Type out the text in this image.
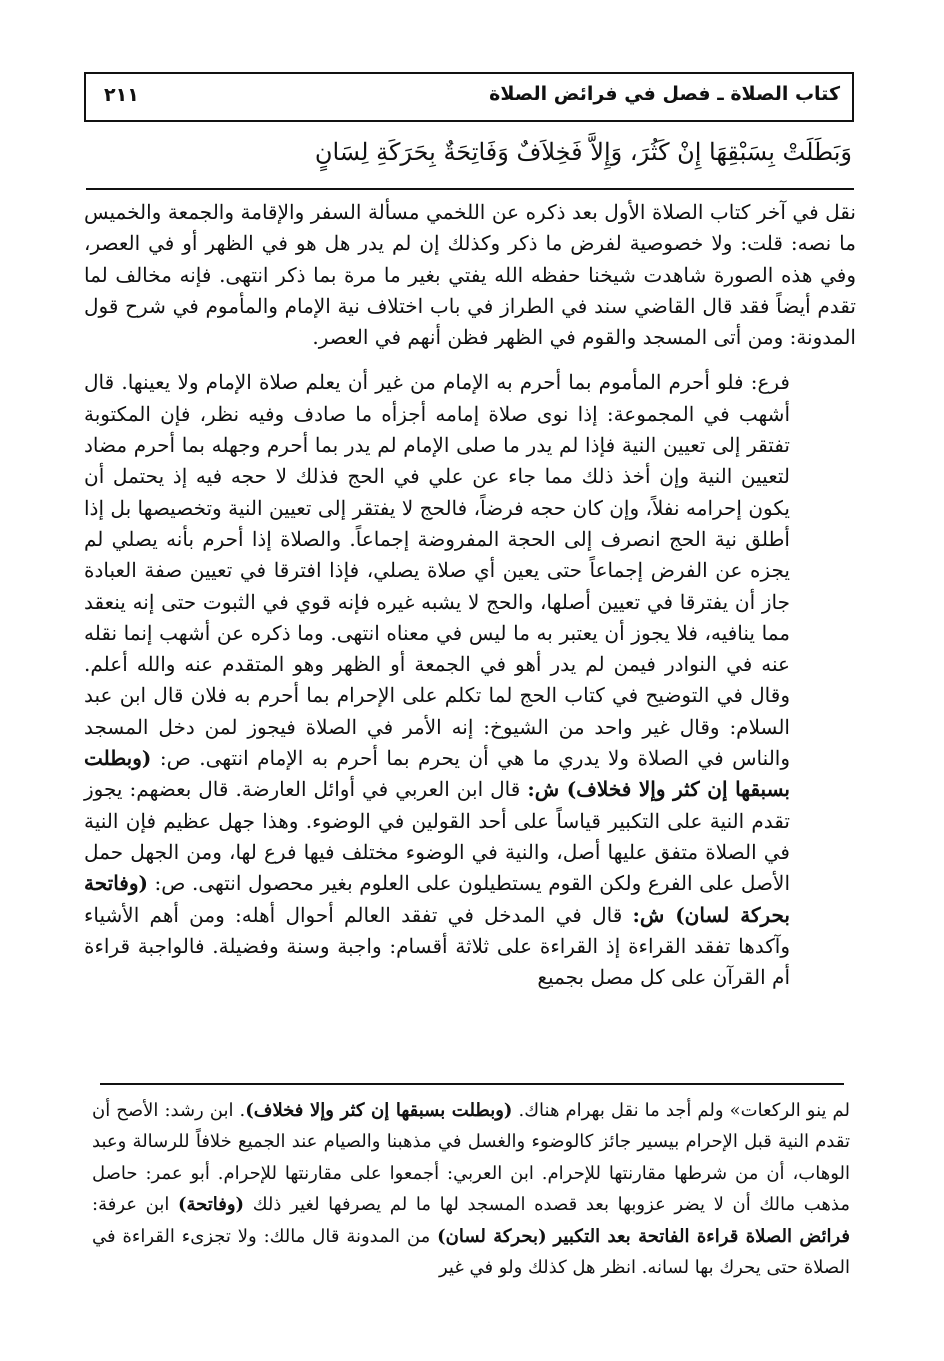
كتاب الصلاة ـ فصل في فرائض الصلاة
٢١١
وَبَطَلَتْ بِسَبْقِهَا إِنْ كَثُرَ، وَإِلاَّ فَخِلاَفٌ وَفَاتِحَةٌ بِحَرَكَةِ لِسَانٍ

نقل في آخر كتاب الصلاة الأول بعد ذكره عن اللخمي مسألة السفر والإقامة والجمعة والخميس ما نصه: قلت: ولا خصوصية لفرض ما ذكر وكذلك إن لم يدر هل هو في الظهر أو في العصر، وفي هذه الصورة شاهدت شيخنا حفظه الله يفتي بغير ما مرة بما ذكر انتهى. فإنه مخالف لما تقدم أيضاً فقد قال القاضي سند في الطراز في باب اختلاف نية الإمام والمأموم في شرح قول المدونة: ومن أتى المسجد والقوم في الظهر فظن أنهم في العصر.

فرع: فلو أحرم المأموم بما أحرم به الإمام من غير أن يعلم صلاة الإمام ولا يعينها. قال أشهب في المجموعة: إذا نوى صلاة إمامه أجزأه ما صادف وفيه نظر، فإن المكتوبة تفتقر إلى تعيين النية فإذا لم يدر ما صلى الإمام لم يدر بما أحرم وجهله بما أحرم مضاد لتعيين النية وإن أخذ ذلك مما جاء عن علي في الحج فذلك لا حجه فيه إذ يحتمل أن يكون إحرامه نفلاً، وإن كان حجه فرضاً، فالحج لا يفتقر إلى تعيين النية وتخصيصها بل إذا أطلق نية الحج انصرف إلى الحجة المفروضة إجماعاً. والصلاة إذا أحرم بأنه يصلي لم يجزه عن الفرض إجماعاً حتى يعين أي صلاة يصلي، فإذا افترقا في تعيين صفة العبادة جاز أن يفترقا في تعيين أصلها، والحج لا يشبه غيره فإنه قوي في الثبوت حتى إنه ينعقد مما ينافيه، فلا يجوز أن يعتبر به ما ليس في معناه انتهى. وما ذكره عن أشهب إنما نقله عنه في النوادر فيمن لم يدر أهو في الجمعة أو الظهر وهو المتقدم عنه والله أعلم. وقال في التوضيح في كتاب الحج لما تكلم على الإحرام بما أحرم به فلان قال ابن عبد السلام: وقال غير واحد من الشيوخ: إنه الأمر في الصلاة فيجوز لمن دخل المسجد والناس في الصلاة ولا يدري ما هي أن يحرم بما أحرم به الإمام انتهى. ص: (وبطلت بسبقها إن كثر وإلا فخلاف) ش: قال ابن العربي في أوائل العارضة. قال بعضهم: يجوز تقدم النية على التكبير قياساً على أحد القولين في الوضوء. وهذا جهل عظيم فإن النية في الصلاة متفق عليها أصل، والنية في الوضوء مختلف فيها فرع لها، ومن الجهل حمل الأصل على الفرع ولكن القوم يستطيلون على العلوم بغير محصول انتهى. ص: (وفاتحة بحركة لسان) ش: قال في المدخل في تفقد العالم أحوال أهله: ومن أهم الأشياء وآكدها تفقد القراءة إذ القراءة على ثلاثة أقسام: واجبة وسنة وفضيلة. فالواجبة قراءة أم القرآن على كل مصل بجميع

لم ينو الركعات» ولم أجد ما نقل بهرام هناك. (وبطلت بسبقها إن كثر وإلا فخلاف). ابن رشد: الأصح أن تقدم النية قبل الإحرام بيسير جائز كالوضوء والغسل في مذهبنا والصيام عند الجميع خلافاً للرسالة وعبد الوهاب، أن من شرطها مقارنتها للإحرام. ابن العربي: أجمعوا على مقارنتها للإحرام. أبو عمر: حاصل مذهب مالك أن لا يضر عزوبها بعد قصده المسجد لها ما لم يصرفها لغير ذلك (وفاتحة) ابن عرفة: فرائض الصلاة قراءة الفاتحة بعد التكبير (بحركة لسان) من المدونة قال مالك: ولا تجزىء القراءة في الصلاة حتى يحرك بها لسانه. انظر هل كذلك ولو في غير
